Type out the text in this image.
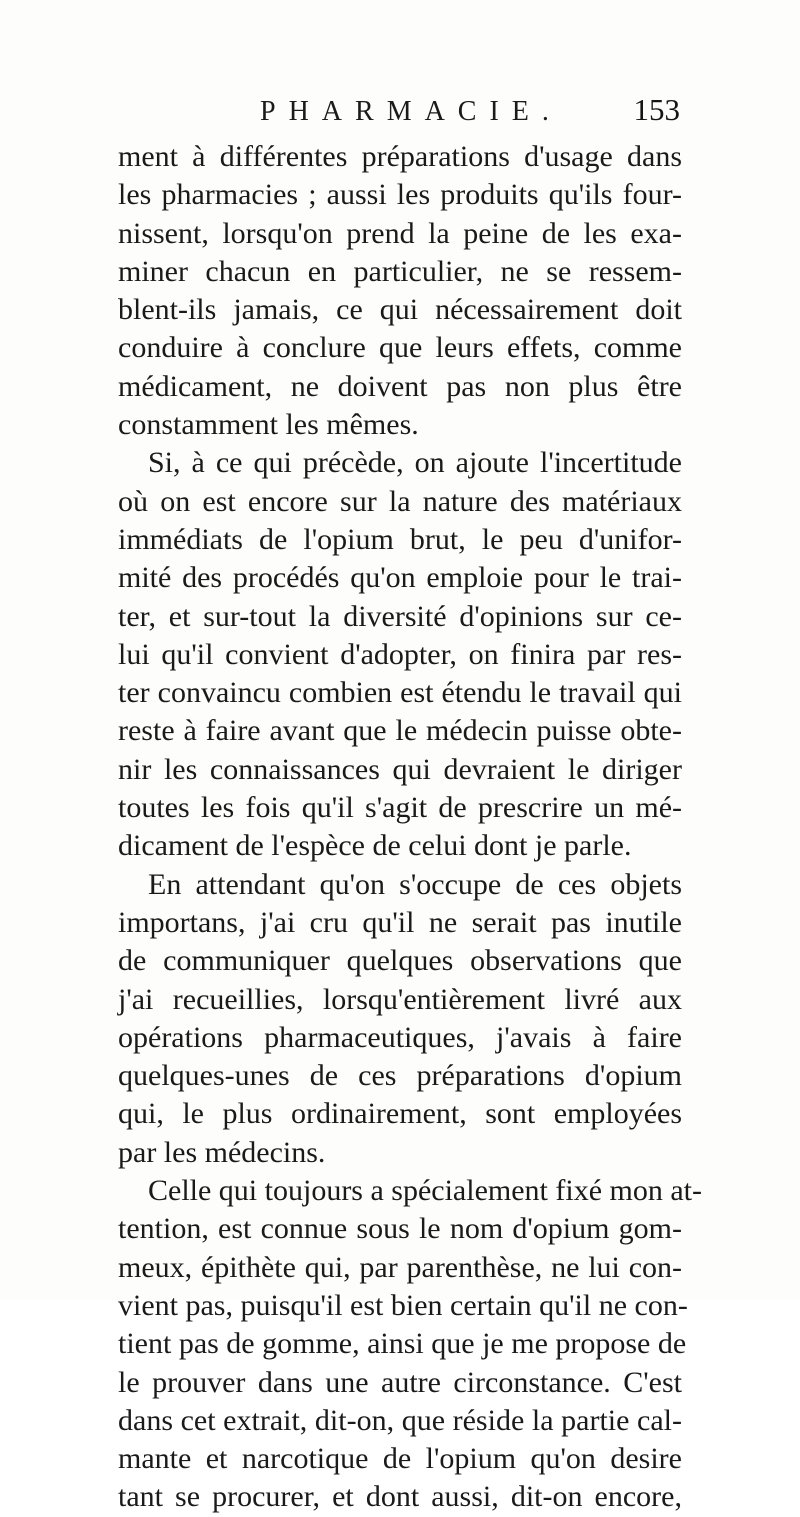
PHARMACIE. 153
ment à différentes préparations d'usage dans
les pharmacies ; aussi les produits qu'ils four-
nissent, lorsqu'on prend la peine de les exa-
miner chacun en particulier, ne se ressem-
blent-ils jamais, ce qui nécessairement doit
conduire à conclure que leurs effets, comme
médicament, ne doivent pas non plus être
constamment les mêmes.
Si, à ce qui précède, on ajoute l'incertitude
où on est encore sur la nature des matériaux
immédiats de l'opium brut, le peu d'unifor-
mité des procédés qu'on emploie pour le trai-
ter, et sur-tout la diversité d'opinions sur ce-
lui qu'il convient d'adopter, on finira par res-
ter convaincu combien est étendu le travail qui
reste à faire avant que le médecin puisse obte-
nir les connaissances qui devraient le diriger
toutes les fois qu'il s'agit de prescrire un mé-
dicament de l'espèce de celui dont je parle.
En attendant qu'on s'occupe de ces objets
importans, j'ai cru qu'il ne serait pas inutile
de communiquer quelques observations que
j'ai recueillies, lorsqu'entièrement livré aux
opérations pharmaceutiques, j'avais à faire
quelques-unes de ces préparations d'opium
qui, le plus ordinairement, sont employées
par les médecins.
Celle qui toujours a spécialement fixé mon at-
tention, est connue sous le nom d'opium gom-
meux, épithète qui, par parenthèse, ne lui con-
vient pas, puisqu'il est bien certain qu'il ne con-
tient pas de gomme, ainsi que je me propose de
le prouver dans une autre circonstance. C'est
dans cet extrait, dit-on, que réside la partie cal-
mante et narcotique de l'opium qu'on desire
tant se procurer, et dont aussi, dit-on encore,
